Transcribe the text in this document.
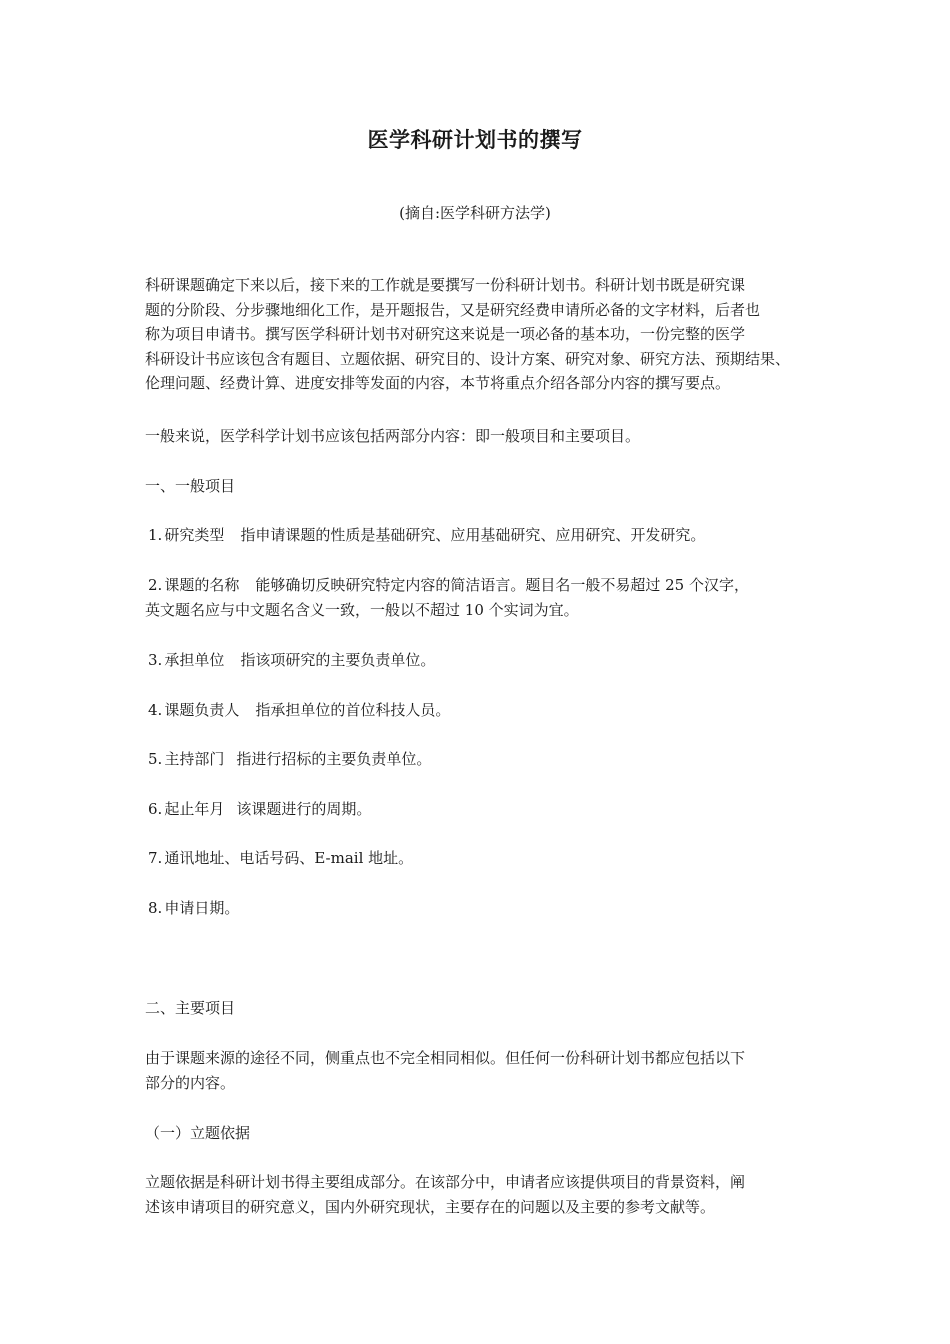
医学科研计划书的撰写
(摘自:医学科研方法学)
科研课题确定下来以后，接下来的工作就是要撰写一份科研计划书。科研计划书既是研究课
题的分阶段、分步骤地细化工作，是开题报告，又是研究经费申请所必备的文字材料，后者也
称为项目申请书。撰写医学科研计划书对研究这来说是一项必备的基本功，一份完整的医学
科研设计书应该包含有题目、立题依据、研究目的、设计方案、研究对象、研究方法、预期结果、
伦理问题、经费计算、进度安排等发面的内容，本节将重点介绍各部分内容的撰写要点。
一般来说，医学科学计划书应该包括两部分内容：即一般项目和主要项目。
一、一般项目
1. 研究类型 指申请课题的性质是基础研究、应用基础研究、应用研究、开发研究。
2. 课题的名称 能够确切反映研究特定内容的简洁语言。题目名一般不易超过 25 个汉字，
英文题名应与中文题名含义一致，一般以不超过 10 个实词为宜。
3. 承担单位 指该项研究的主要负责单位。
4. 课题负责人 指承担单位的首位科技人员。
5. 主持部门 指进行招标的主要负责单位。
6. 起止年月 该课题进行的周期。
7. 通讯地址、电话号码、E-mail 地址。
8. 申请日期。
二、主要项目
由于课题来源的途径不同，侧重点也不完全相同相似。但任何一份科研计划书都应包括以下
部分的内容。
（一）立题依据
立题依据是科研计划书得主要组成部分。在该部分中，申请者应该提供项目的背景资料，阐
述该申请项目的研究意义，国内外研究现状，主要存在的问题以及主要的参考文献等。
